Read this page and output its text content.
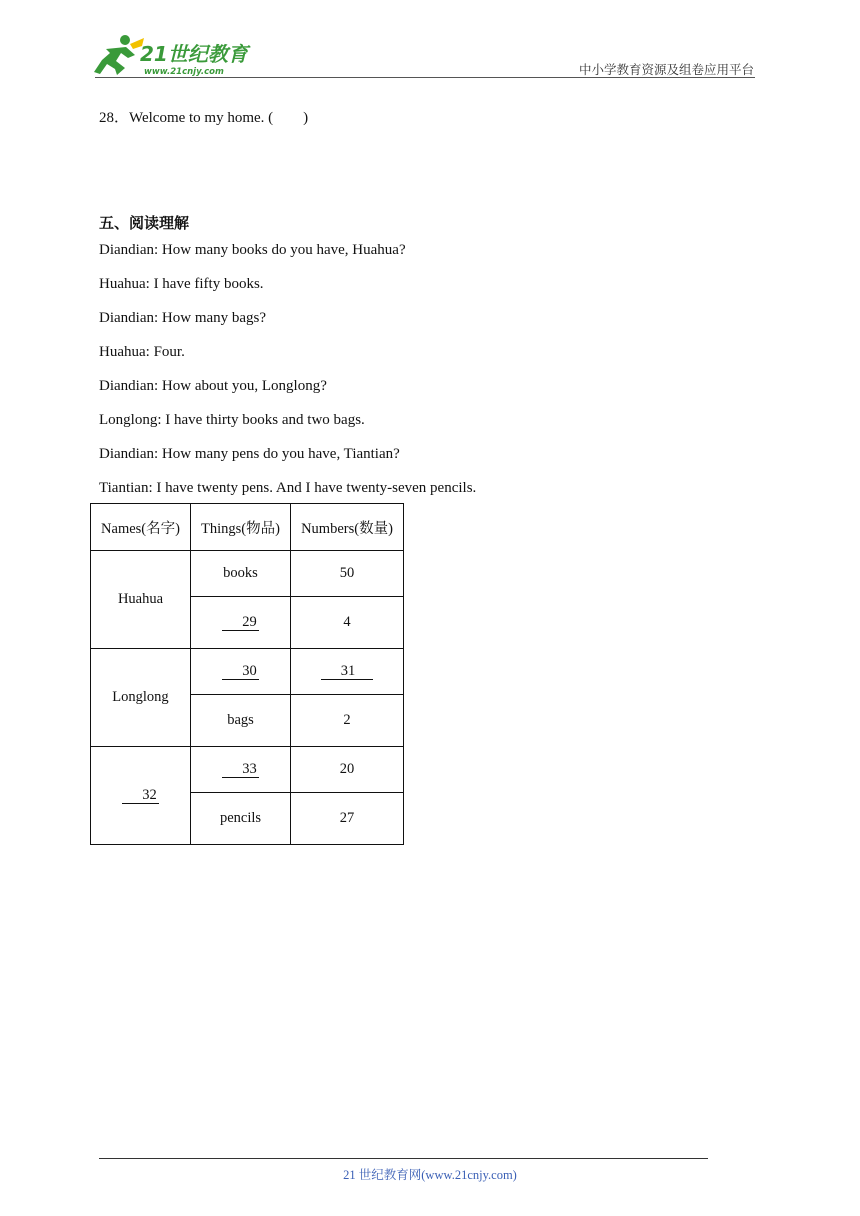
21世纪教育
www.21cnjy.com	中小学教育资源及组卷应用平台
28．Welcome to my home. (　　)
五、阅读理解
Diandian: How many books do you have, Huahua?
Huahua: I have fifty books.
Diandian: How many bags?
Huahua: Four.
Diandian: How about you, Longlong?
Longlong: I have thirty books and two bags.
Diandian: How many pens do you have, Tiantian?
Tiantian: I have twenty pens. And I have twenty-seven pencils.
Names(名字)	Things(物品)	Numbers(数量)
Huahua	books	50
	29	4
Longlong	30	31
	bags	2
32	33	20
	pencils	27
21 世纪教育网(www.21cnjy.com)
